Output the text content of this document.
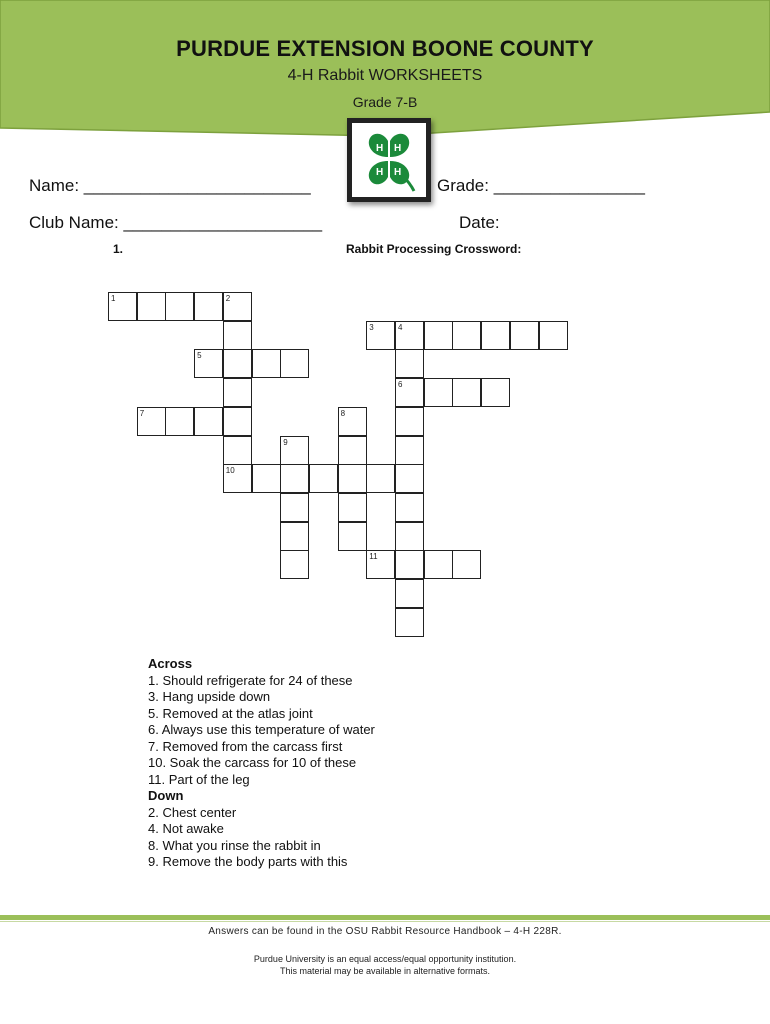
PURDUE EXTENSION BOONE COUNTY
4-H Rabbit WORKSHEETS
Grade 7-B
H H
H H
Name: ________________________	Grade: ________________
Club Name: _____________________	Date:
1.	Rabbit Processing Crossword:
1	2
3	4
5
6
7	8
9
10
11
Across
1. Should refrigerate for 24 of these
3. Hang upside down
5. Removed at the atlas joint
6. Always use this temperature of water
7. Removed from the carcass first
10. Soak the carcass for 10 of these
11. Part of the leg
Down
2. Chest center
4. Not awake
8. What you rinse the rabbit in
9. Remove the body parts with this
Answers can be found in the OSU Rabbit Resource Handbook – 4-H 228R.
Purdue University is an equal access/equal opportunity institution.
This material may be available in alternative formats.
